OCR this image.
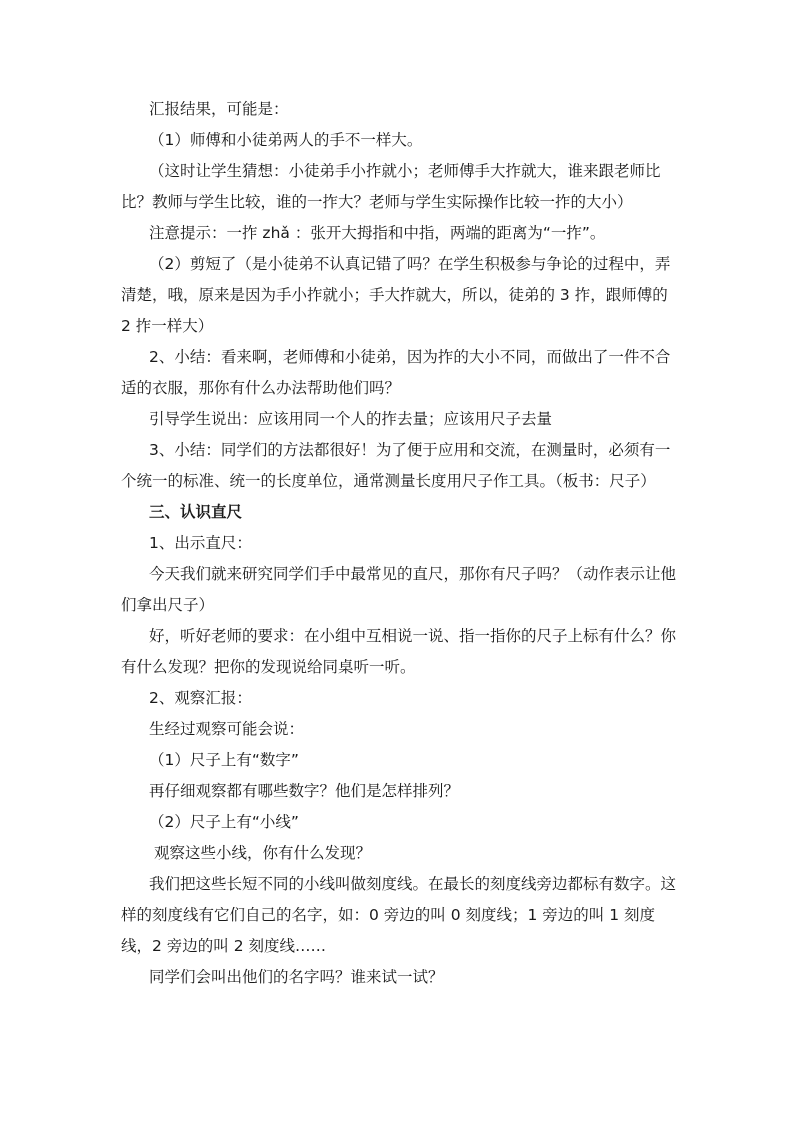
汇报结果，可能是：

（1）师傅和小徒弟两人的手不一样大。

（这时让学生猜想：小徒弟手小拃就小；老师傅手大拃就大，谁来跟老师比比？教师与学生比较，谁的一拃大？老师与学生实际操作比较一拃的大小）

注意提示：一拃 zhǎ ：张开大拇指和中指，两端的距离为“一拃”。

（2）剪短了（是小徒弟不认真记错了吗？在学生积极参与争论的过程中，弄清楚，哦，原来是因为手小拃就小；手大拃就大，所以，徒弟的 3 拃，跟师傅的 2 拃一样大）

2、小结：看来啊，老师傅和小徒弟，因为拃的大小不同，而做出了一件不合适的衣服，那你有什么办法帮助他们吗？

引导学生说出：应该用同一个人的拃去量；应该用尺子去量

3、小结：同学们的方法都很好！为了便于应用和交流，在测量时，必须有一个统一的标准、统一的长度单位，通常测量长度用尺子作工具。（板书：尺子）

三、认识直尺

1、出示直尺：

今天我们就来研究同学们手中最常见的直尺，那你有尺子吗？（动作表示让他们拿出尺子）

好，听好老师的要求：在小组中互相说一说、指一指你的尺子上标有什么？你有什么发现？把你的发现说给同桌听一听。

2、观察汇报：

生经过观察可能会说：

（1）尺子上有“数字”

再仔细观察都有哪些数字？他们是怎样排列？

（2）尺子上有“小线”

观察这些小线，你有什么发现？

我们把这些长短不同的小线叫做刻度线。在最长的刻度线旁边都标有数字。这样的刻度线有它们自己的名字，如：0 旁边的叫 0 刻度线；1 旁边的叫 1 刻度线，2 旁边的叫 2 刻度线……

同学们会叫出他们的名字吗？谁来试一试？
